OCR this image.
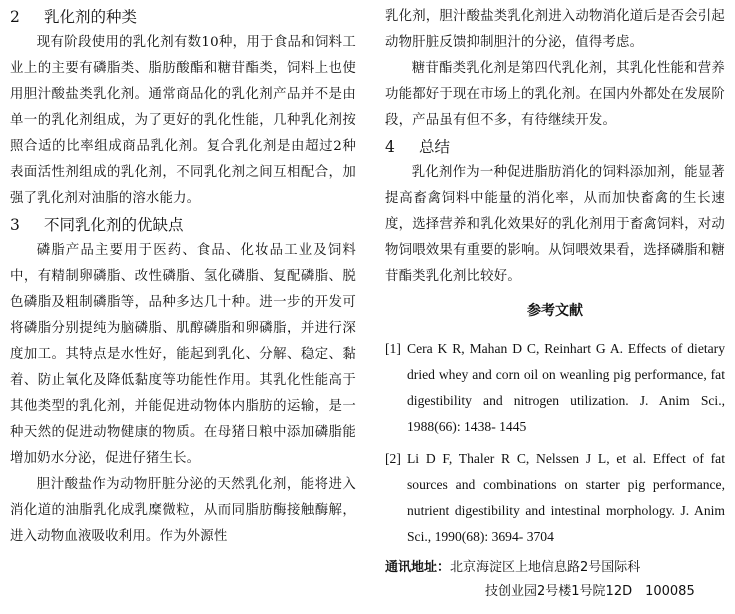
2 乳化剂的种类

现有阶段使用的乳化剂有数10种，用于食品和饲料工业上的主要有磷脂类、脂肪酸酯和糖苷酯类，饲料上也使用胆汁酸盐类乳化剂。通常商品化的乳化剂产品并不是由单一的乳化剂组成，为了更好的乳化性能，几种乳化剂按照合适的比率组成商品乳化剂。复合乳化剂是由超过2种表面活性剂组成的乳化剂，不同乳化剂之间互相配合，加强了乳化剂对油脂的溶水能力。

3 不同乳化剂的优缺点

磷脂产品主要用于医药、食品、化妆品工业及饲料中，有精制卵磷脂、改性磷脂、氢化磷脂、复配磷脂、脱色磷脂及粗制磷脂等，品种多达几十种。进一步的开发可将磷脂分别提纯为脑磷脂、肌醇磷脂和卵磷脂，并进行深度加工。其特点是水性好，能起到乳化、分解、稳定、黏着、防止氧化及降低黏度等功能性作用。其乳化性能高于其他类型的乳化剂，并能促进动物体内脂肪的运输，是一种天然的促进动物健康的物质。在母猪日粮中添加磷脂能增加奶水分泌，促进仔猪生长。

胆汁酸盐作为动物肝脏分泌的天然乳化剂，能将进入消化道的油脂乳化成乳糜微粒，从而同脂肪酶接触酶解，进入动物血液吸收利用。作为外源性

乳化剂，胆汁酸盐类乳化剂进入动物消化道后是否会引起动物肝脏反馈抑制胆汁的分泌，值得考虑。

糖苷酯类乳化剂是第四代乳化剂，其乳化性能和营养功能都好于现在市场上的乳化剂。在国内外都处在发展阶段，产品虽有但不多，有待继续开发。

4 总结

乳化剂作为一种促进脂肪消化的饲料添加剂，能显著提高畜禽饲料中能量的消化率，从而加快畜禽的生长速度，选择营养和乳化效果好的乳化剂用于畜禽饲料，对动物饲喂效果有重要的影响。从饲喂效果看，选择磷脂和糖苷酯类乳化剂比较好。

参考文献
[1] Cera K R, Mahan D C, Reinhart G A. Effects of dietary dried whey and corn oil on weanling pig performance, fat digestibility and nitrogen utilization. J. Anim Sci., 1988(66): 1438- 1445
[2] Li D F, Thaler R C, Nelssen J L, et al. Effect of fat sources and combinations on starter pig performance, nutrient digestibility and intestinal morphology. J. Anim Sci., 1990(68): 3694- 3704
通讯地址：北京海淀区上地信息路2号国际科
技创业园2号楼1号院12D　100085
